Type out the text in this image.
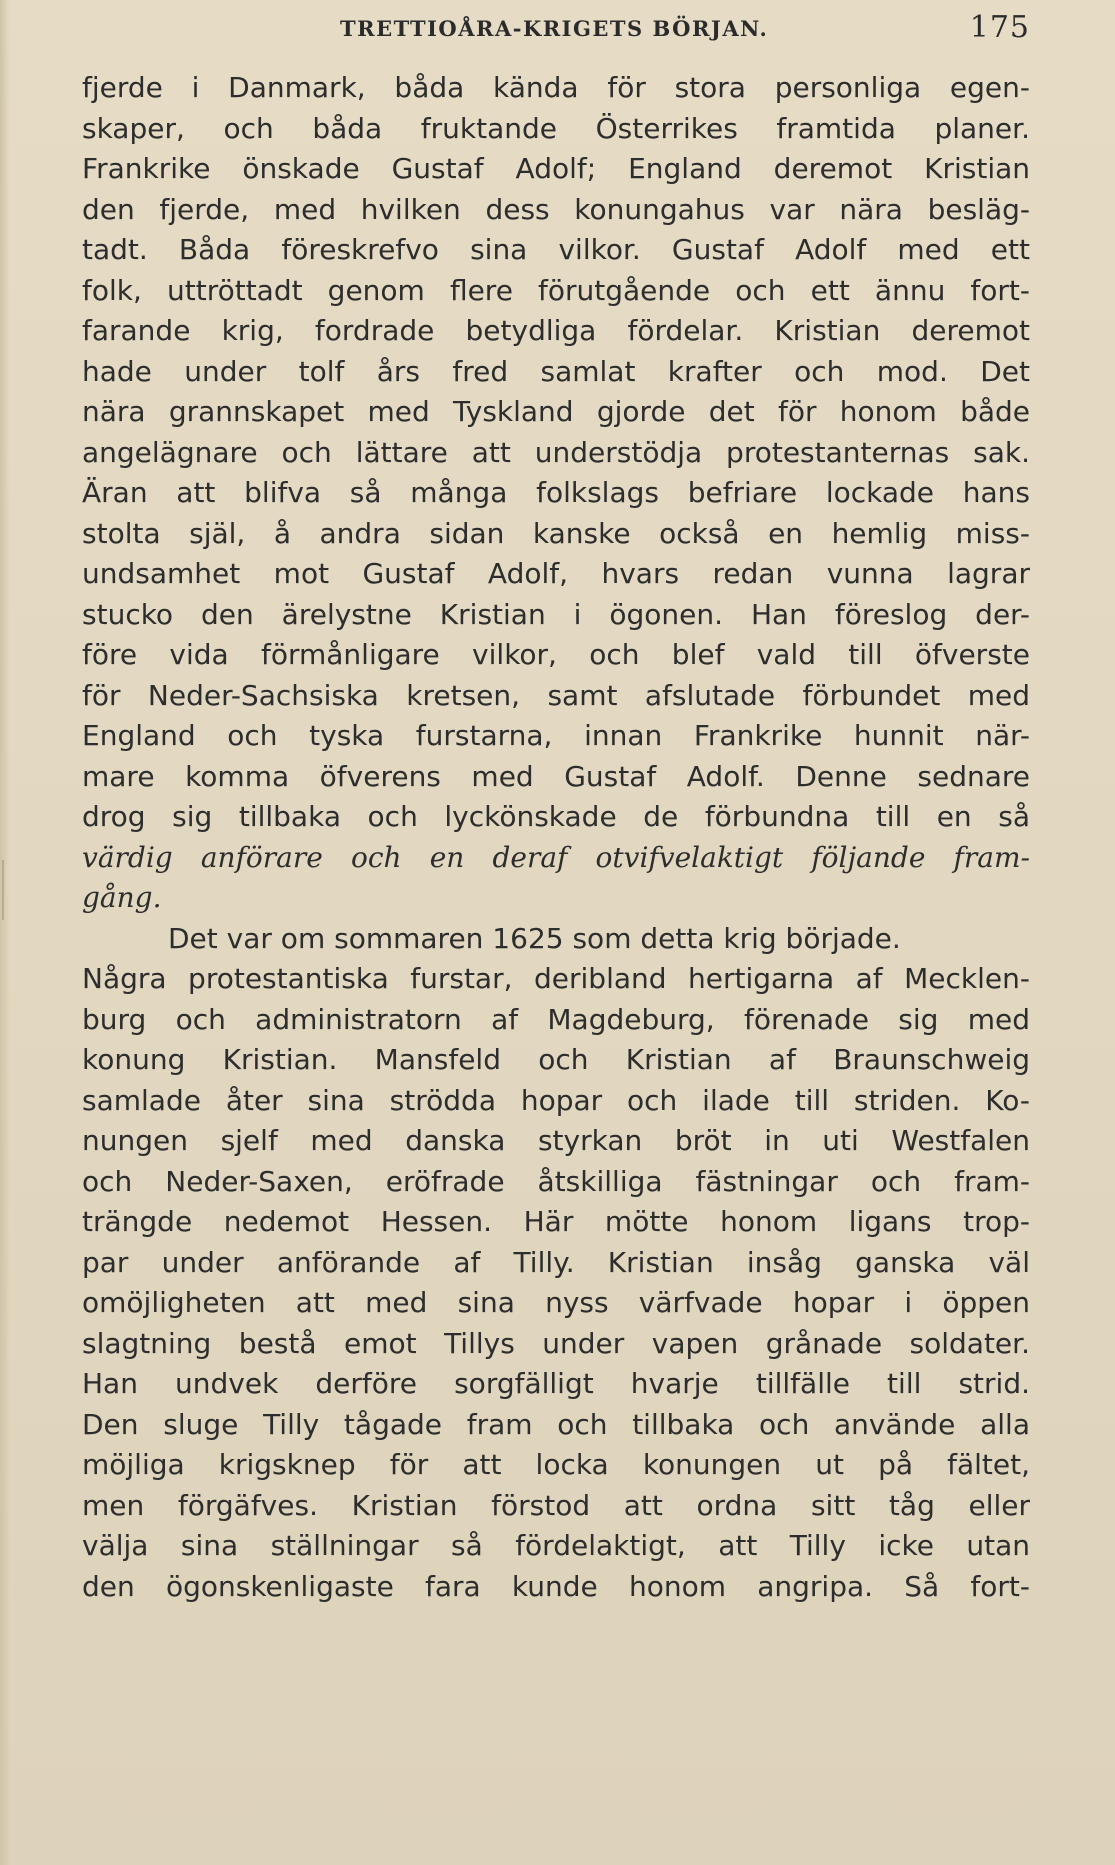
TRETTIOÅRA-KRIGETS BÖRJAN.	175
fjerde i Danmark, båda kända för stora personliga egen-
skaper, och båda fruktande Österrikes framtida planer.
Frankrike önskade Gustaf Adolf; England deremot Kristian
den fjerde, med hvilken dess konungahus var nära besläg-
tadt. Båda föreskrefvo sina vilkor. Gustaf Adolf med ett
folk, uttröttadt genom flere förutgående och ett ännu fort-
farande krig, fordrade betydliga fördelar. Kristian deremot
hade under tolf års fred samlat krafter och mod. Det
nära grannskapet med Tyskland gjorde det för honom både
angelägnare och lättare att understödja protestanternas sak.
Äran att blifva så många folkslags befriare lockade hans
stolta själ, å andra sidan kanske också en hemlig miss-
undsamhet mot Gustaf Adolf, hvars redan vunna lagrar
stucko den ärelystne Kristian i ögonen. Han föreslog der-
före vida förmånligare vilkor, och blef vald till öfverste
för Neder-Sachsiska kretsen, samt afslutade förbundet med
England och tyska furstarna, innan Frankrike hunnit när-
mare komma öfverens med Gustaf Adolf. Denne sednare
drog sig tillbaka och lyckönskade de förbundna till en så
värdig anförare och en deraf otvifvelaktigt följande fram-
gång.
Det var om sommaren 1625 som detta krig började.
Några protestantiska furstar, deribland hertigarna af Mecklen-
burg och administratorn af Magdeburg, förenade sig med
konung Kristian. Mansfeld och Kristian af Braunschweig
samlade åter sina strödda hopar och ilade till striden. Ko-
nungen sjelf med danska styrkan bröt in uti Westfalen
och Neder-Saxen, eröfrade åtskilliga fästningar och fram-
trängde nedemot Hessen. Här mötte honom ligans trop-
par under anförande af Tilly. Kristian insåg ganska väl
omöjligheten att med sina nyss värfvade hopar i öppen
slagtning bestå emot Tillys under vapen grånade soldater.
Han undvek derföre sorgfälligt hvarje tillfälle till strid.
Den sluge Tilly tågade fram och tillbaka och använde alla
möjliga krigsknep för att locka konungen ut på fältet,
men förgäfves. Kristian förstod att ordna sitt tåg eller
välja sina ställningar så fördelaktigt, att Tilly icke utan
den ögonskenligaste fara kunde honom angripa. Så fort-
